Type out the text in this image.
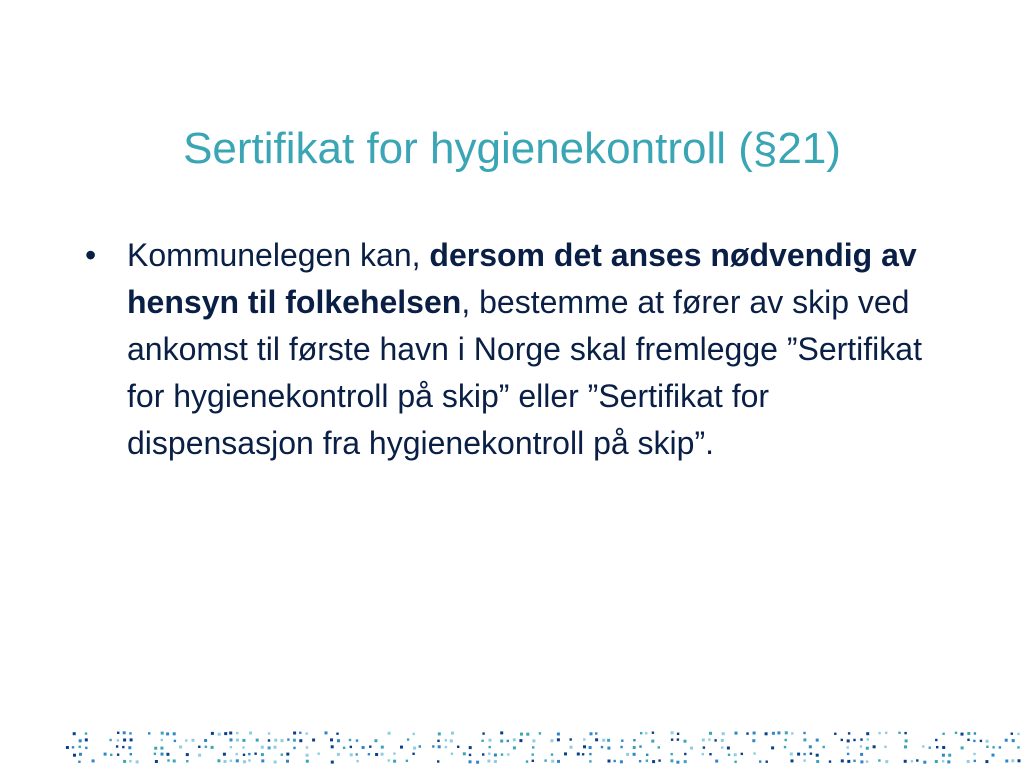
Sertifikat for hygienekontroll (§21)
• Kommunelegen kan, dersom det anses nødvendig av hensyn til folkehelsen, bestemme at fører av skip ved ankomst til første havn i Norge skal fremlegge ”Sertifikat for hygienekontroll på skip” eller ”Sertifikat for dispensasjon fra hygienekontroll på skip”.
